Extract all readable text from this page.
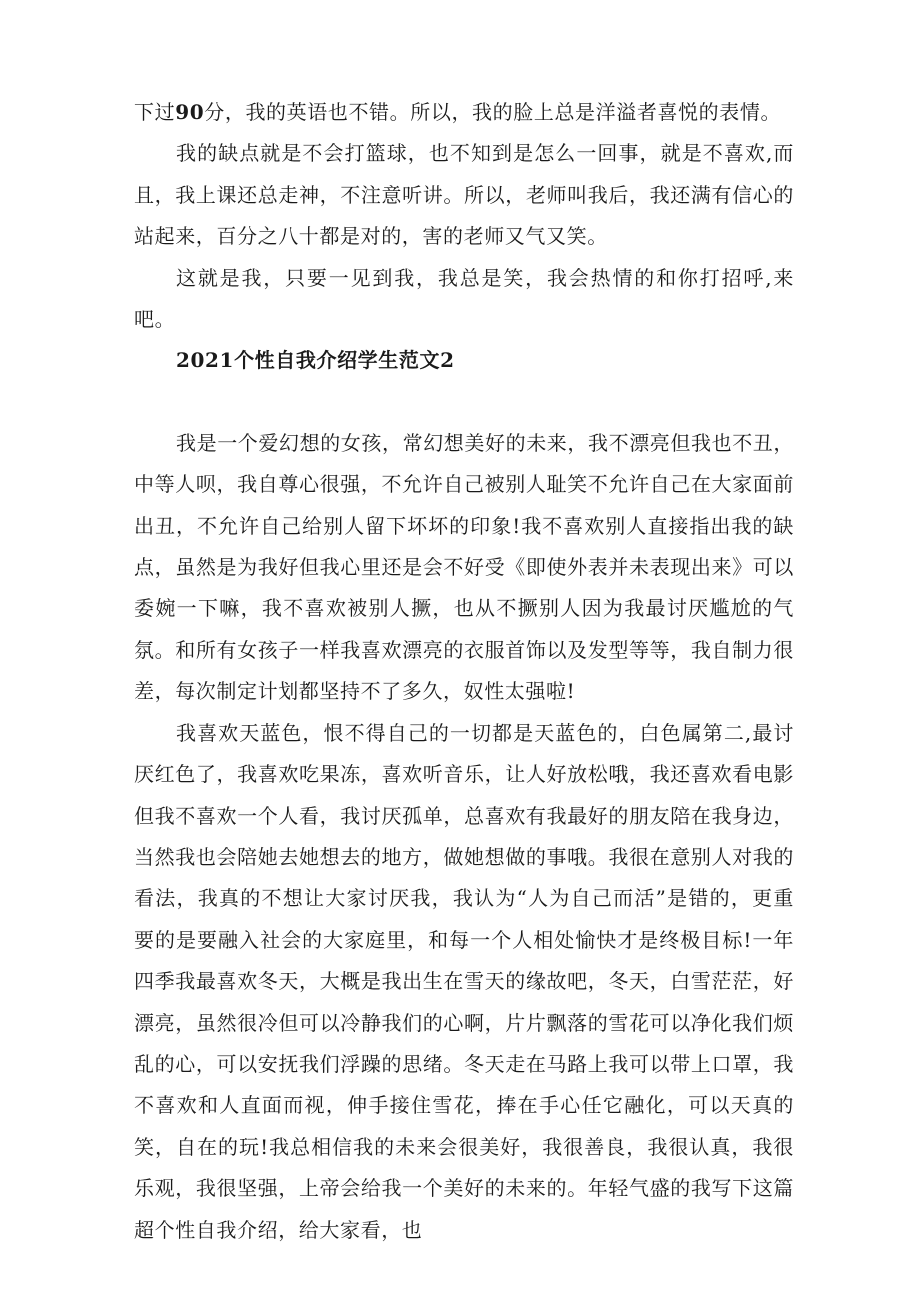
下过90分，我的英语也不错。所以，我的脸上总是洋溢者喜悦的表情。

我的缺点就是不会打篮球，也不知到是怎么一回事，就是不喜欢,而且，我上课还总走神，不注意听讲。所以，老师叫我后，我还满有信心的站起来，百分之八十都是对的，害的老师又气又笑。

这就是我，只要一见到我，我总是笑，我会热情的和你打招呼,来吧。

2021个性自我介绍学生范文2

我是一个爱幻想的女孩，常幻想美好的未来，我不漂亮但我也不丑，中等人呗，我自尊心很强，不允许自己被别人耻笑不允许自己在大家面前出丑，不允许自己给别人留下坏坏的印象!我不喜欢别人直接指出我的缺点，虽然是为我好但我心里还是会不好受《即使外表并未表现出来》可以委婉一下嘛，我不喜欢被别人撅，也从不撅别人因为我最讨厌尴尬的气氛。和所有女孩子一样我喜欢漂亮的衣服首饰以及发型等等，我自制力很差，每次制定计划都坚持不了多久，奴性太强啦!

我喜欢天蓝色，恨不得自己的一切都是天蓝色的，白色属第二,最讨厌红色了，我喜欢吃果冻，喜欢听音乐，让人好放松哦，我还喜欢看电影但我不喜欢一个人看，我讨厌孤单，总喜欢有我最好的朋友陪在我身边，当然我也会陪她去她想去的地方，做她想做的事哦。我很在意别人对我的看法，我真的不想让大家讨厌我，我认为“人为自己而活”是错的，更重要的是要融入社会的大家庭里，和每一个人相处愉快才是终极目标!一年四季我最喜欢冬天，大概是我出生在雪天的缘故吧，冬天，白雪茫茫，好漂亮，虽然很冷但可以冷静我们的心啊，片片飘落的雪花可以净化我们烦乱的心，可以安抚我们浮躁的思绪。冬天走在马路上我可以带上口罩，我不喜欢和人直面而视，伸手接住雪花，捧在手心任它融化，可以天真的笑，自在的玩!我总相信我的未来会很美好，我很善良，我很认真，我很乐观，我很坚强，上帝会给我一个美好的未来的。年轻气盛的我写下这篇超个性自我介绍，给大家看，也
